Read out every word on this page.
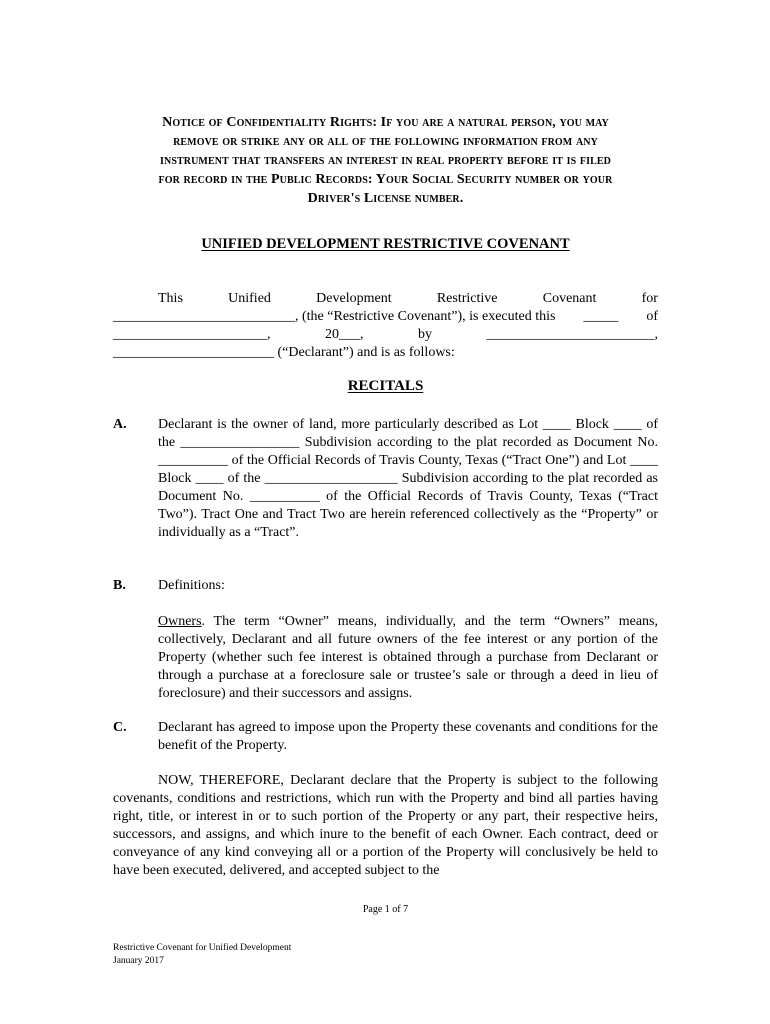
Notice of Confidentiality Rights: If you are a natural person, you may
remove or strike any or all of the following information from any
instrument that transfers an interest in real property before it is filed
for record in the Public Records: Your Social Security number or your
Driver's License number.
UNIFIED DEVELOPMENT RESTRICTIVE COVENANT
This	Unified	Development	Restrictive	Covenant	for
__________________________, (the “Restrictive Covenant”), is executed this _____ of
______________________,	20___,	by	________________________,
_______________________ (“Declarant”) and is as follows:
RECITALS
A. Declarant is the owner of land, more particularly described as Lot ____ Block ____ of the _________________ Subdivision according to the plat recorded as Document No. __________ of the Official Records of Travis County, Texas (“Tract One”) and Lot ____ Block ____ of the ___________________ Subdivision according to the plat recorded as Document No. __________ of the Official Records of Travis County, Texas (“Tract Two”). Tract One and Tract Two are herein referenced collectively as the “Property” or individually as a “Tract”.
B. Definitions:
Owners. The term “Owner” means, individually, and the term “Owners” means, collectively, Declarant and all future owners of the fee interest or any portion of the Property (whether such fee interest is obtained through a purchase from Declarant or through a purchase at a foreclosure sale or trustee’s sale or through a deed in lieu of foreclosure) and their successors and assigns.
C. Declarant has agreed to impose upon the Property these covenants and conditions for the benefit of the Property.
NOW, THEREFORE, Declarant declare that the Property is subject to the following covenants, conditions and restrictions, which run with the Property and bind all parties having right, title, or interest in or to such portion of the Property or any part, their respective heirs, successors, and assigns, and which inure to the benefit of each Owner. Each contract, deed or conveyance of any kind conveying all or a portion of the Property will conclusively be held to have been executed, delivered, and accepted subject to the
Page 1 of 7
Restrictive Covenant for Unified Development
January 2017
